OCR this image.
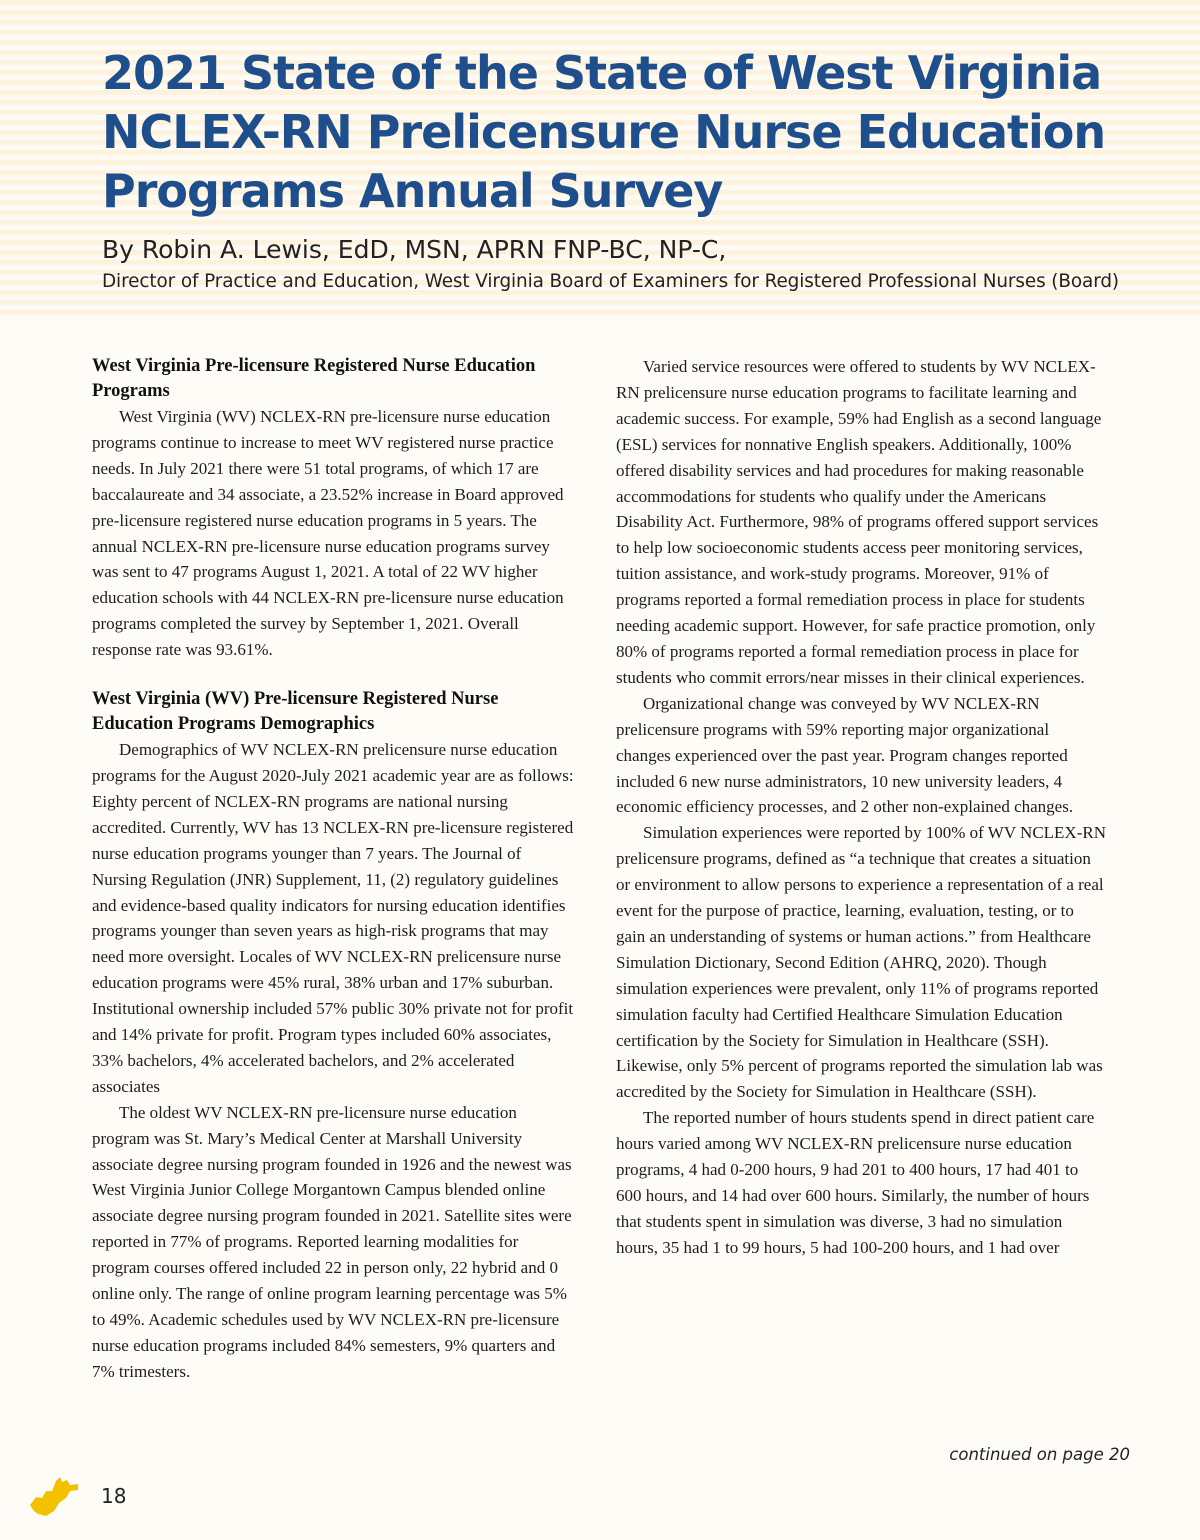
2021 State of the State of West Virginia NCLEX-RN Prelicensure Nurse Education Programs Annual Survey

By Robin A. Lewis, EdD, MSN, APRN FNP-BC, NP-C,

Director of Practice and Education, West Virginia Board of Examiners for Registered Professional Nurses (Board)

West Virginia Pre-licensure Registered Nurse Education Programs

West Virginia (WV) NCLEX-RN pre-licensure nurse education programs continue to increase to meet WV registered nurse practice needs. In July 2021 there were 51 total programs, of which 17 are baccalaureate and 34 associate, a 23.52% increase in Board approved pre-licensure registered nurse education programs in 5 years. The annual NCLEX-RN pre-licensure nurse education programs survey was sent to 47 programs August 1, 2021. A total of 22 WV higher education schools with 44 NCLEX-RN pre-licensure nurse education programs completed the survey by September 1, 2021. Overall response rate was 93.61%.

West Virginia (WV) Pre-licensure Registered Nurse Education Programs Demographics

Demographics of WV NCLEX-RN prelicensure nurse education programs for the August 2020-July 2021 academic year are as follows: Eighty percent of NCLEX-RN programs are national nursing accredited. Currently, WV has 13 NCLEX-RN pre-licensure registered nurse education programs younger than 7 years. The Journal of Nursing Regulation (JNR) Supplement, 11, (2) regulatory guidelines and evidence-based quality indicators for nursing education identifies programs younger than seven years as high-risk programs that may need more oversight. Locales of WV NCLEX-RN prelicensure nurse education programs were 45% rural, 38% urban and 17% suburban. Institutional ownership included 57% public 30% private not for profit and 14% private for profit. Program types included 60% associates, 33% bachelors, 4% accelerated bachelors, and 2% accelerated associates

The oldest WV NCLEX-RN pre-licensure nurse education program was St. Mary’s Medical Center at Marshall University associate degree nursing program founded in 1926 and the newest was West Virginia Junior College Morgantown Campus blended online associate degree nursing program founded in 2021. Satellite sites were reported in 77% of programs. Reported learning modalities for program courses offered included 22 in person only, 22 hybrid and 0 online only. The range of online program learning percentage was 5% to 49%. Academic schedules used by WV NCLEX-RN pre-licensure nurse education programs included 84% semesters, 9% quarters and 7% trimesters.

Varied service resources were offered to students by WV NCLEX-RN prelicensure nurse education programs to facilitate learning and academic success. For example, 59% had English as a second language (ESL) services for nonnative English speakers. Additionally, 100% offered disability services and had procedures for making reasonable accommodations for students who qualify under the Americans Disability Act. Furthermore, 98% of programs offered support services to help low socioeconomic students access peer monitoring services, tuition assistance, and work-study programs. Moreover, 91% of programs reported a formal remediation process in place for students needing academic support. However, for safe practice promotion, only 80% of programs reported a formal remediation process in place for students who commit errors/near misses in their clinical experiences.

Organizational change was conveyed by WV NCLEX-RN prelicensure programs with 59% reporting major organizational changes experienced over the past year. Program changes reported included 6 new nurse administrators, 10 new university leaders, 4 economic efficiency processes, and 2 other non-explained changes.

Simulation experiences were reported by 100% of WV NCLEX-RN prelicensure programs, defined as “a technique that creates a situation or environment to allow persons to experience a representation of a real event for the purpose of practice, learning, evaluation, testing, or to gain an understanding of systems or human actions.” from Healthcare Simulation Dictionary, Second Edition (AHRQ, 2020). Though simulation experiences were prevalent, only 11% of programs reported simulation faculty had Certified Healthcare Simulation Education certification by the Society for Simulation in Healthcare (SSH). Likewise, only 5% percent of programs reported the simulation lab was accredited by the Society for Simulation in Healthcare (SSH).

The reported number of hours students spend in direct patient care hours varied among WV NCLEX-RN prelicensure nurse education programs, 4 had 0-200 hours, 9 had 201 to 400 hours, 17 had 401 to 600 hours, and 14 had over 600 hours. Similarly, the number of hours that students spent in simulation was diverse, 3 had no simulation hours, 35 had 1 to 99 hours, 5 had 100-200 hours, and 1 had over

continued on page 20
18
